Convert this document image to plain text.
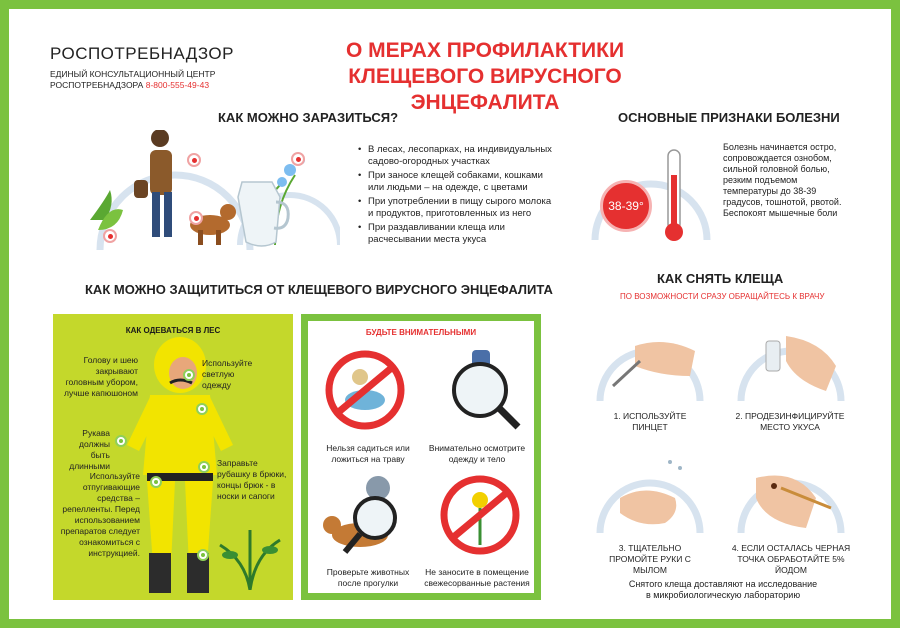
РОСПОТРЕБНАДЗОР
ЕДИНЫЙ КОНСУЛЬТАЦИОННЫЙ ЦЕНТР
РОСПОТРЕБНАДЗОРА 8-800-555-49-43
О МЕРАХ ПРОФИЛАКТИКИ
КЛЕЩЕВОГО ВИРУСНОГО ЭНЦЕФАЛИТА
КАК МОЖНО ЗАРАЗИТЬСЯ?
• В лесах, лесопарках, на индивидуальных садово-огородных участках
• При заносе клещей собаками, кошками или людьми – на одежде, с цветами
• При употреблении в пищу сырого молока и продуктов, приготовленных из него
• При раздавливании клеща или расчесывании места укуса
ОСНОВНЫЕ ПРИЗНАКИ БОЛЕЗНИ
38-39°
Болезнь начинается остро, сопровождается ознобом, сильной головной болью, резким подъемом температуры до 38-39 градусов, тошнотой, рвотой. Беспокоят мышечные боли
КАК МОЖНО ЗАЩИТИТЬСЯ ОТ КЛЕЩЕВОГО ВИРУСНОГО ЭНЦЕФАЛИТА
КАК ОДЕВАТЬСЯ В ЛЕС
Голову и шею закрывают головным убором, лучше капюшоном
Используйте светлую одежду
Рукава должны быть длинными	Заправьте рубашку в брюки, концы брюк - в носки и сапоги
Используйте отпугивающие средства – репелленты. Перед использованием препаратов следует ознакомиться с инструкцией.
БУДЬТЕ ВНИМАТЕЛЬНЫМИ
Нельзя садиться или ложиться на траву
Внимательно осмотрите одежду и тело
Проверьте животных после прогулки
Не заносите в помещение свежесорванные растения
КАК СНЯТЬ КЛЕЩА
ПО ВОЗМОЖНОСТИ СРАЗУ ОБРАЩАЙТЕСЬ К ВРАЧУ
1. ИСПОЛЬЗУЙТЕ ПИНЦЕТ
2. ПРОДЕЗИНФИЦИРУЙТЕ МЕСТО УКУСА
3. ТЩАТЕЛЬНО ПРОМОЙТЕ РУКИ С МЫЛОМ
4. ЕСЛИ ОСТАЛАСЬ ЧЕРНАЯ ТОЧКА ОБРАБОТАЙТЕ 5% ЙОДОМ
Снятого клеща доставляют на исследование в микробиологическую лабораторию
